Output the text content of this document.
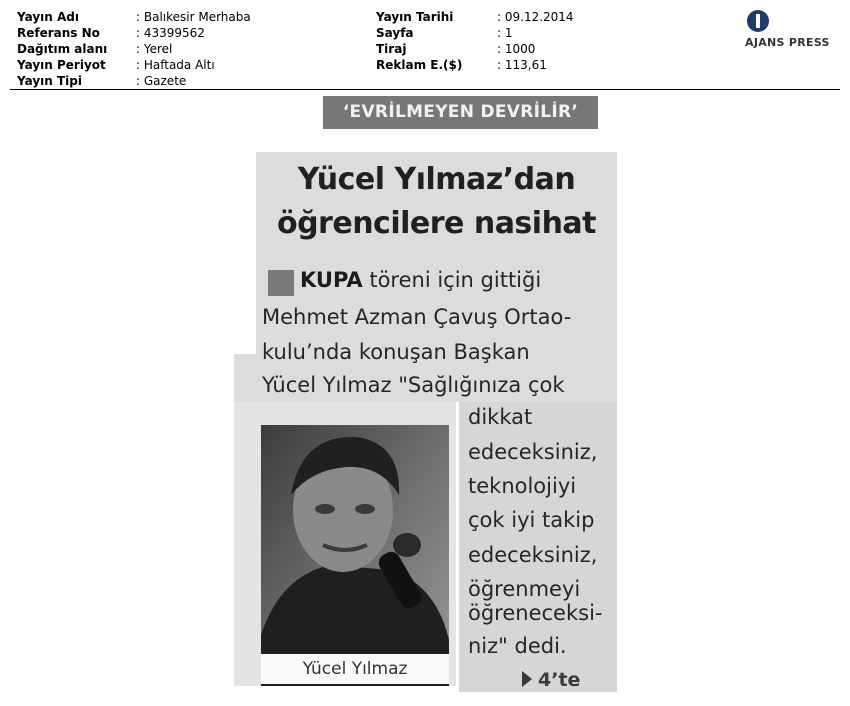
Yayın Adı	: Balıkesir Merhaba
Referans No	: 43399562
Dağıtım alanı : Yerel
Yayın Periyot	: Haftada Altı
Yayın Tipi	: Gazete
Yayın Tarihi	: 09.12.2014
Sayfa	: 1
Tiraj	: 1000
Reklam E.($)	: 113,61
AJANS PRESS
‘EVRİLMEYEN DEVRİLİR’
Yücel Yılmaz’dan
öğrencilere nasihat
KUPA töreni için gittiği
Mehmet Azman Çavuş Ortao-
kulu’nda konuşan Başkan
Yücel Yılmaz "Sağlığınıza çok
dikkat
edeceksiniz,
teknolojiyi
çok iyi takip
edeceksiniz,
öğrenmeyi
öğreneceksi-
niz" dedi.
Yücel Yılmaz	4’te
